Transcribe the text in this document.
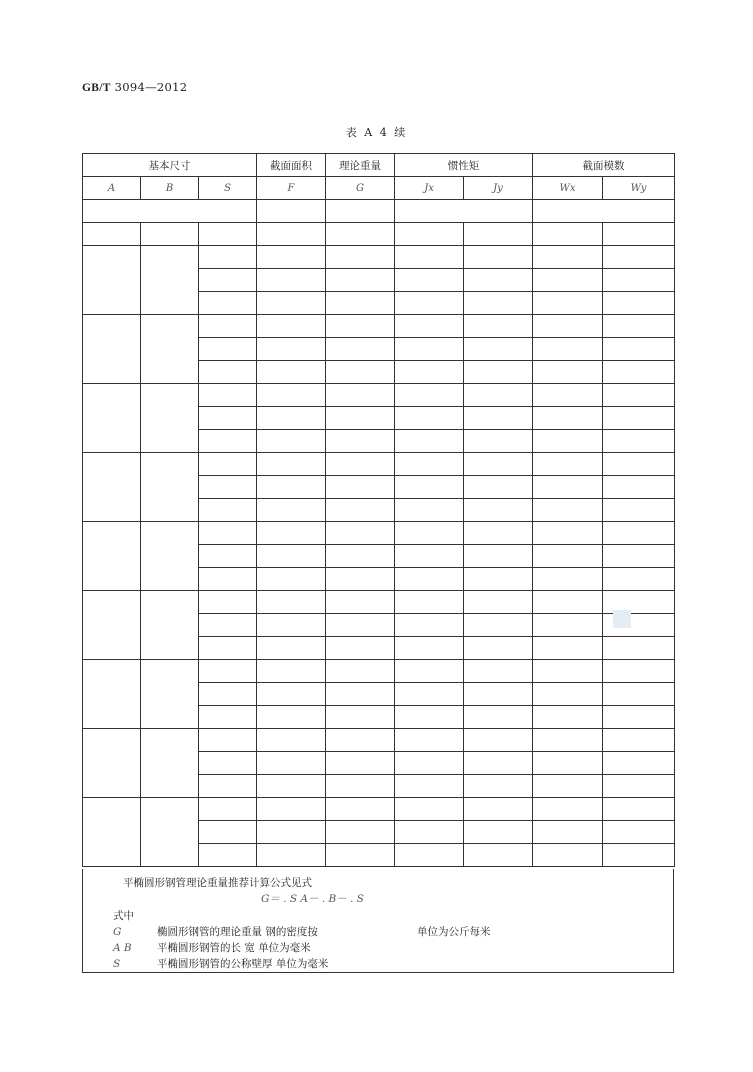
GB/T 3094—2012
表 A 4 续
基本尺寸			截面面积	理论重量	惯性矩		截面模数	
A	B	S	F	G	Jx	Jy	Wx	Wy

平椭圆形钢管理论重量推荐计算公式见式
G＝ . S A－ . B－ . S
式中
G	椭圆形钢管的理论重量 钢的密度按	单位为公斤每米
A B 平椭圆形钢管的长 宽 单位为毫米
S	平椭圆形钢管的公称壁厚 单位为毫米
